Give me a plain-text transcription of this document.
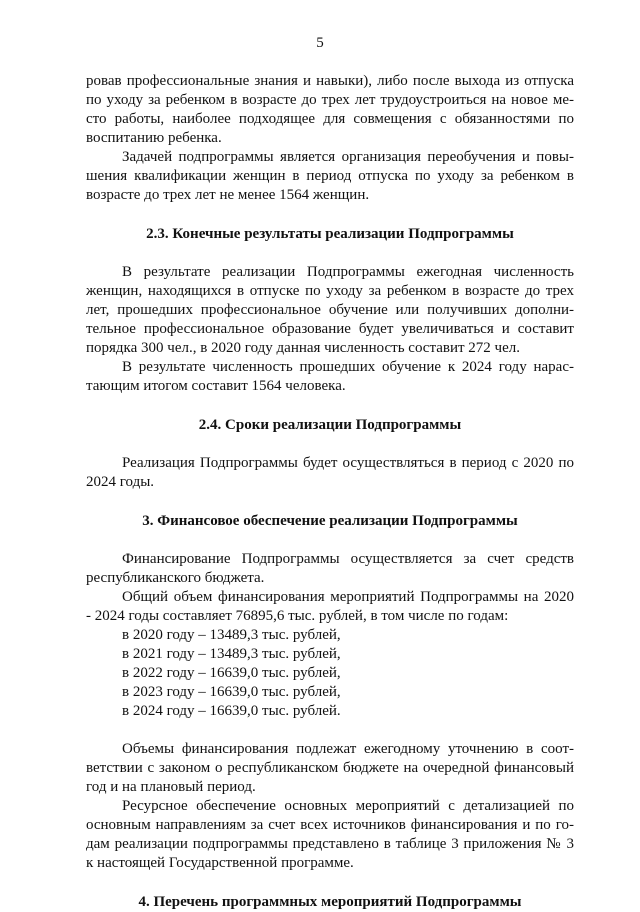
5

ровав профессиональные знания и навыки), либо после выхода из отпуска
по уходу за ребенком в возрасте до трех лет трудоустроиться на новое ме-
сто работы, наиболее подходящее для совмещения с обязанностями по
воспитанию ребенка.

Задачей подпрограммы является организация переобучения и повы-
шения квалификации женщин в период отпуска по уходу за ребенком в
возрасте до трех лет не менее 1564 женщин.

2.3. Конечные результаты реализации Подпрограммы

В результате реализации Подпрограммы ежегодная численность
женщин, находящихся в отпуске по уходу за ребенком в возрасте до трех
лет, прошедших профессиональное обучение или получивших дополни-
тельное профессиональное образование будет увеличиваться и составит
порядка 300 чел., в 2020 году данная численность составит 272 чел.

В результате численность прошедших обучение к 2024 году нарас-
тающим итогом составит 1564 человека.

2.4. Сроки реализации Подпрограммы

Реализация Подпрограммы будет осуществляться в период с 2020 по
2024 годы.

3. Финансовое обеспечение реализации Подпрограммы

Финансирование Подпрограммы осуществляется за счет средств
республиканского бюджета.

Общий объем финансирования мероприятий Подпрограммы на 2020
- 2024 годы составляет 76895,6 тыс. рублей, в том числе по годам:

в 2020 году – 13489,3 тыс. рублей,
в 2021 году – 13489,3 тыс. рублей,
в 2022 году – 16639,0 тыс. рублей,
в 2023 году – 16639,0 тыс. рублей,
в 2024 году – 16639,0 тыс. рублей.

Объемы финансирования подлежат ежегодному уточнению в соот-
ветствии с законом о республиканском бюджете на очередной финансовый
год и на плановый период.

Ресурсное обеспечение основных мероприятий с детализацией по
основным направлениям за счет всех источников финансирования и по го-
дам реализации подпрограммы представлено в таблице 3 приложения № 3
к настоящей Государственной программе.

4. Перечень программных мероприятий Подпрограммы
